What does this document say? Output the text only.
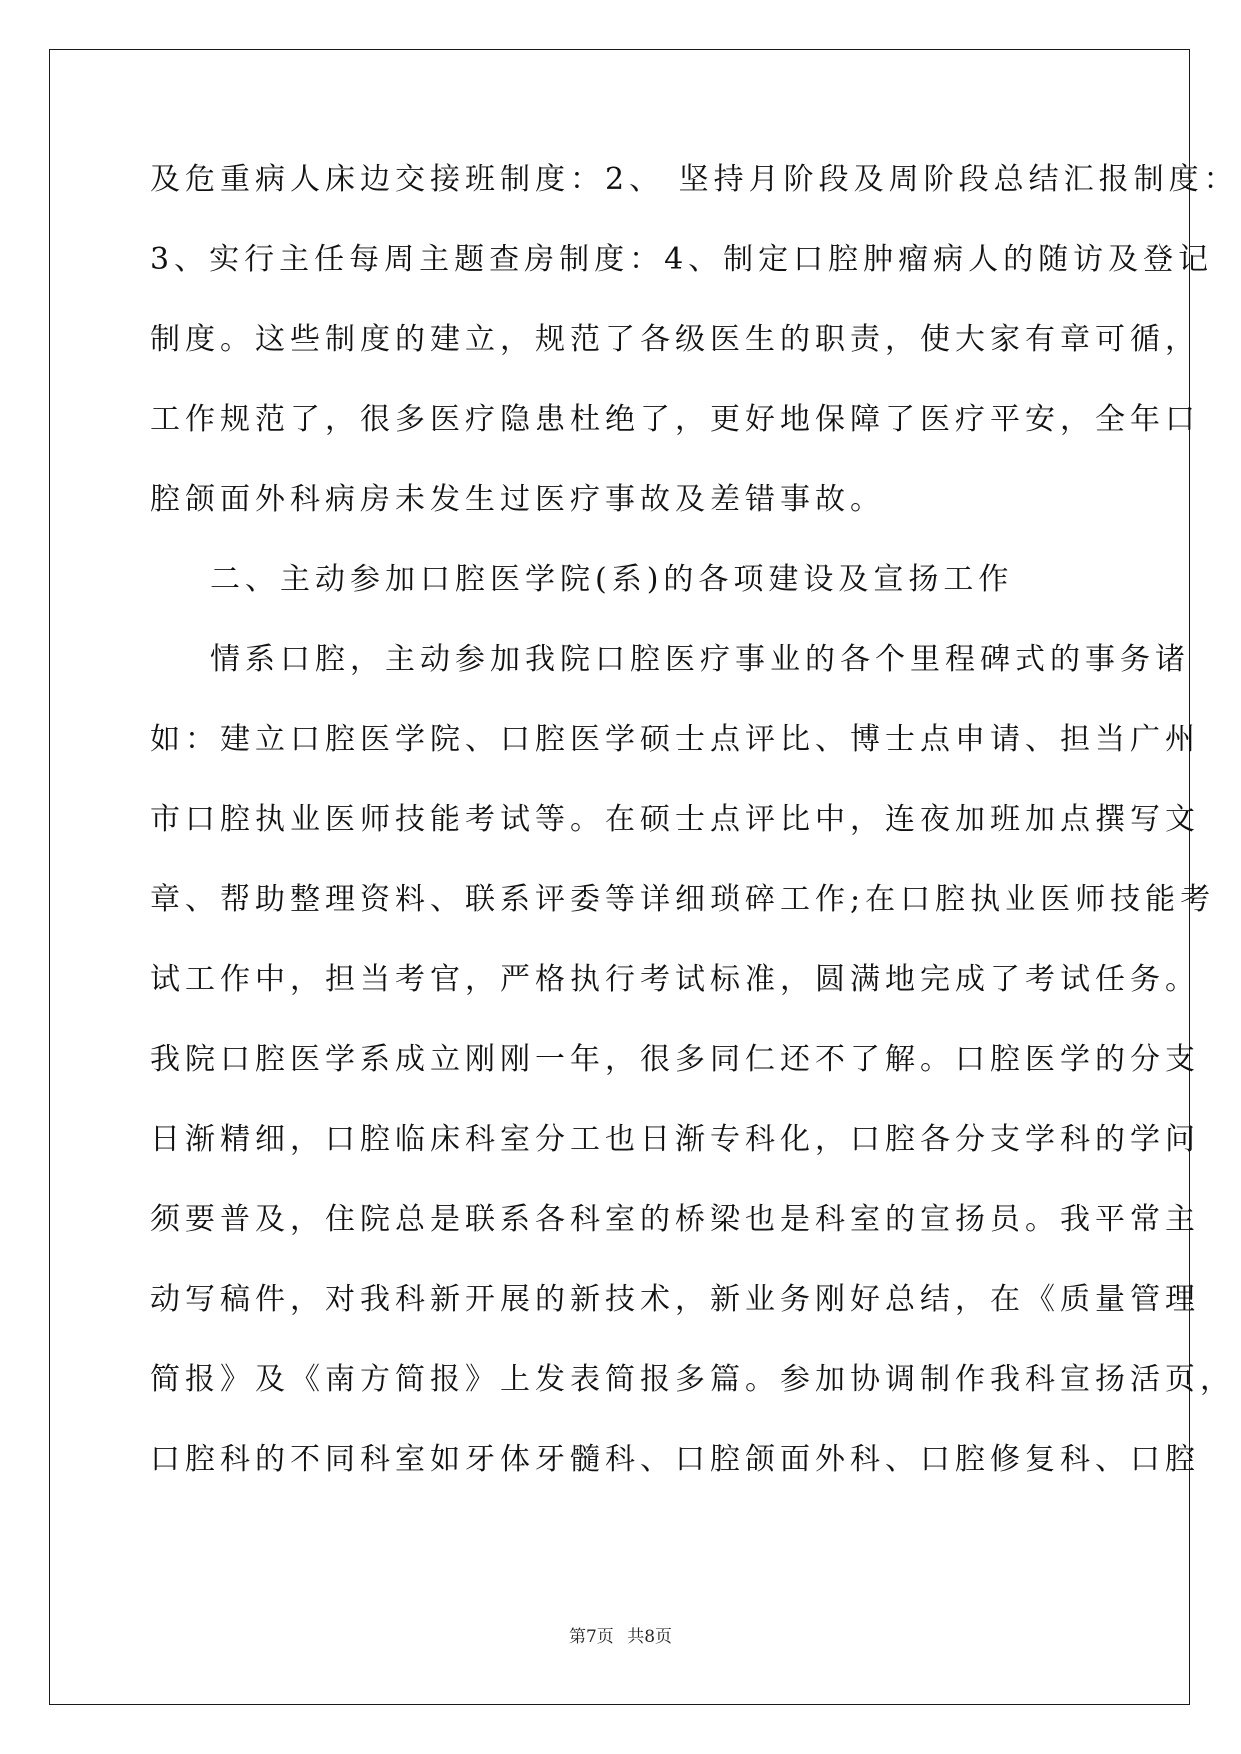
及危重病人床边交接班制度：2、 坚持月阶段及周阶段总结汇报制度：
3、实行主任每周主题查房制度：4、制定口腔肿瘤病人的随访及登记
制度。这些制度的建立，规范了各级医生的职责，使大家有章可循，
工作规范了，很多医疗隐患杜绝了，更好地保障了医疗平安，全年口
腔颌面外科病房未发生过医疗事故及差错事故。
二、主动参加口腔医学院(系)的各项建设及宣扬工作
情系口腔，主动参加我院口腔医疗事业的各个里程碑式的事务诸
如：建立口腔医学院、口腔医学硕士点评比、博士点申请、担当广州
市口腔执业医师技能考试等。在硕士点评比中，连夜加班加点撰写文
章、帮助整理资料、联系评委等详细琐碎工作;在口腔执业医师技能考
试工作中，担当考官，严格执行考试标准，圆满地完成了考试任务。
我院口腔医学系成立刚刚一年，很多同仁还不了解。口腔医学的分支
日渐精细，口腔临床科室分工也日渐专科化，口腔各分支学科的学问
须要普及，住院总是联系各科室的桥梁也是科室的宣扬员。我平常主
动写稿件，对我科新开展的新技术，新业务刚好总结，在《质量管理
简报》及《南方简报》上发表简报多篇。参加协调制作我科宣扬活页，
口腔科的不同科室如牙体牙髓科、口腔颌面外科、口腔修复科、口腔
第7页 共8页
